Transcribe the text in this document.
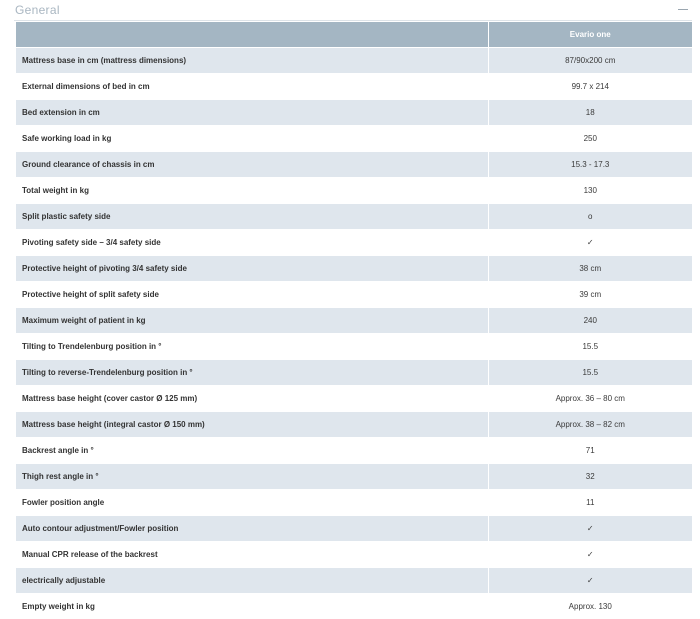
General
	Evario one
Mattress base in cm (mattress dimensions)	87/90x200 cm
External dimensions of bed in cm	99.7 x 214
Bed extension in cm	18
Safe working load in kg	250
Ground clearance of chassis in cm	15.3 - 17.3
Total weight in kg	130
Split plastic safety side	o
Pivoting safety side – 3/4 safety side	✓
Protective height of pivoting 3/4 safety side	38 cm
Protective height of split safety side	39 cm
Maximum weight of patient in kg	240
Tilting to Trendelenburg position in °	15.5
Tilting to reverse-Trendelenburg position in °	15.5
Mattress base height (cover castor Ø 125 mm)	Approx. 36 – 80 cm
Mattress base height (integral castor Ø 150 mm)	Approx. 38 – 82 cm
Backrest angle in °	71
Thigh rest angle in °	32
Fowler position angle	11
Auto contour adjustment/Fowler position	✓
Manual CPR release of the backrest	✓
electrically adjustable	✓
Empty weight in kg	Approx. 130
